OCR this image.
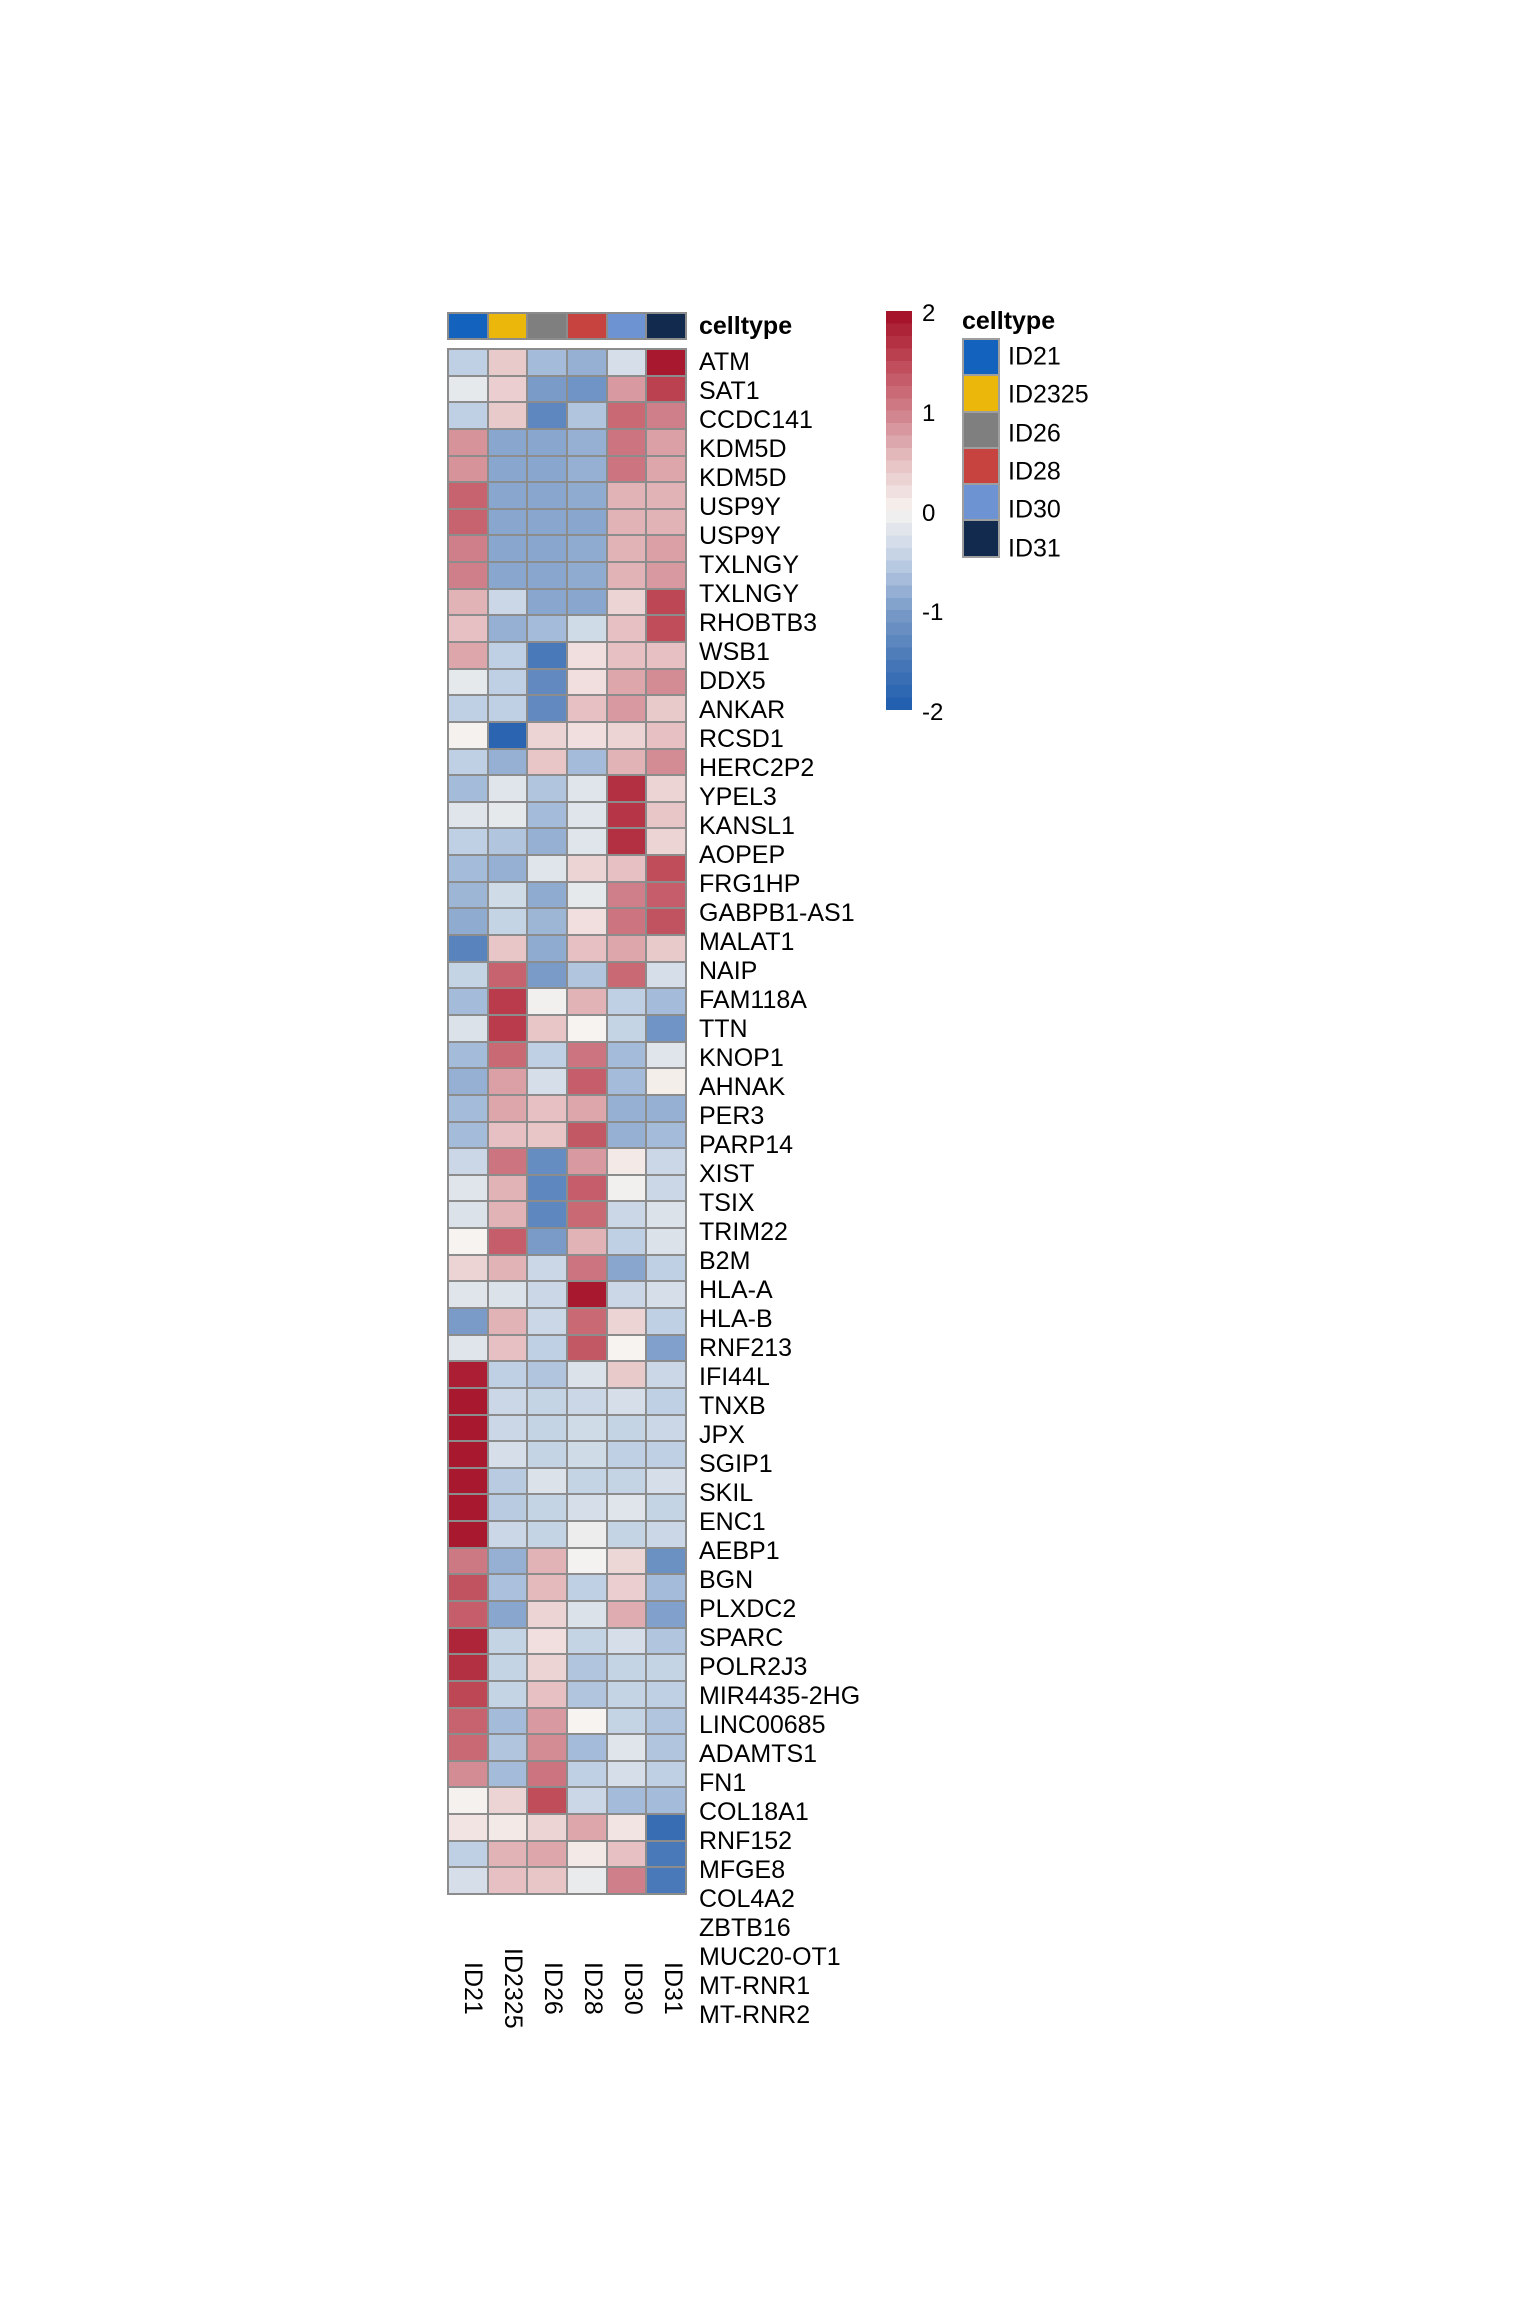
celltype
ATM
SAT1
CCDC141
KDM5D
KDM5D
USP9Y
USP9Y
TXLNGY
TXLNGY
RHOBTB3
WSB1
DDX5
ANKAR
RCSD1
HERC2P2
YPEL3
KANSL1
AOPEP
FRG1HP
GABPB1-AS1
MALAT1
NAIP
FAM118A
TTN
KNOP1
AHNAK
PER3
PARP14
XIST
TSIX
TRIM22
B2M
HLA-A
HLA-B
RNF213
IFI44L
TNXB
JPX
SGIP1
SKIL
ENC1
AEBP1
BGN
PLXDC2
SPARC
POLR2J3
MIR4435-2HG
LINC00685
ADAMTS1
FN1
COL18A1
RNF152
MFGE8
COL4A2
ZBTB16
MUC20-OT1
MT-RNR1
MT-RNR2
ID21 ID2325 ID26 ID28 ID30 ID31
2
1
0
-1
-2
celltype
ID21
ID2325
ID26
ID28
ID30
ID31
